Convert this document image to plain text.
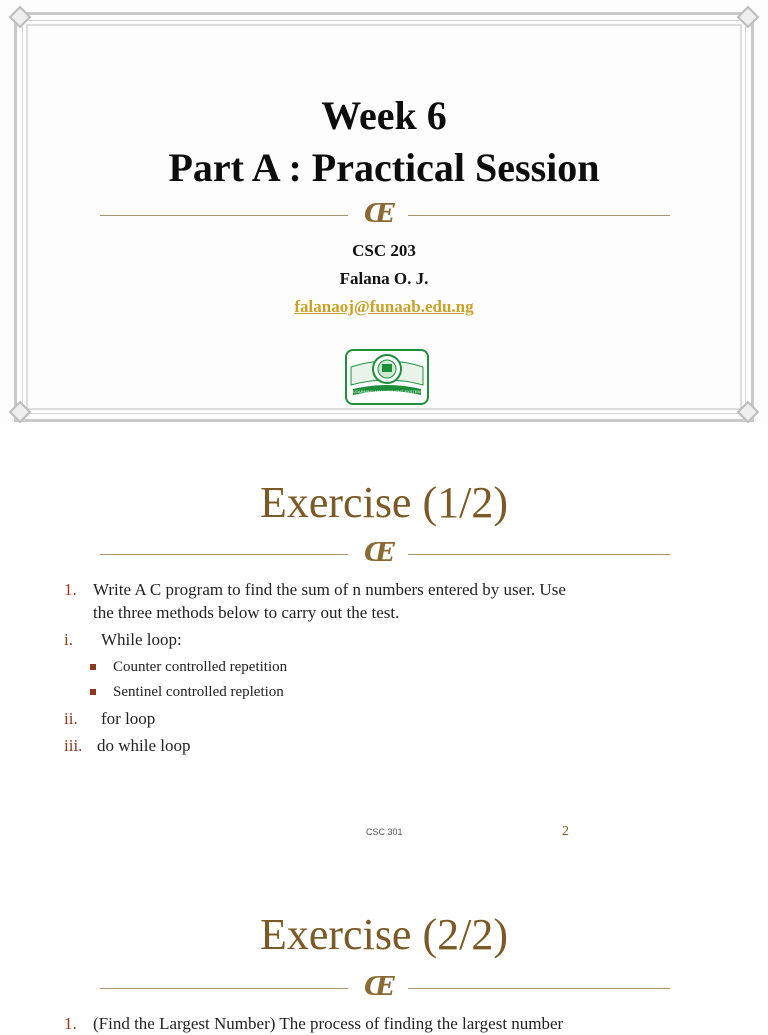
Week 6
Part A : Practical Session
Œ
CSC 203
Falana O. J.
falanaoj@funaab.edu.ng
LEARNING MANAGEMENT SYSTEM
Exercise (1/2)
Œ
1. Write A C program to find the sum of n numbers entered by user. Use
the three methods below to carry out the test.
i. While loop:
Counter controlled repetition
Sentinel controlled repletion
ii. for loop
iii. do while loop
CSC 301	2
Exercise (2/2)
Œ
1. (Find the Largest Number) The process of finding the largest number
